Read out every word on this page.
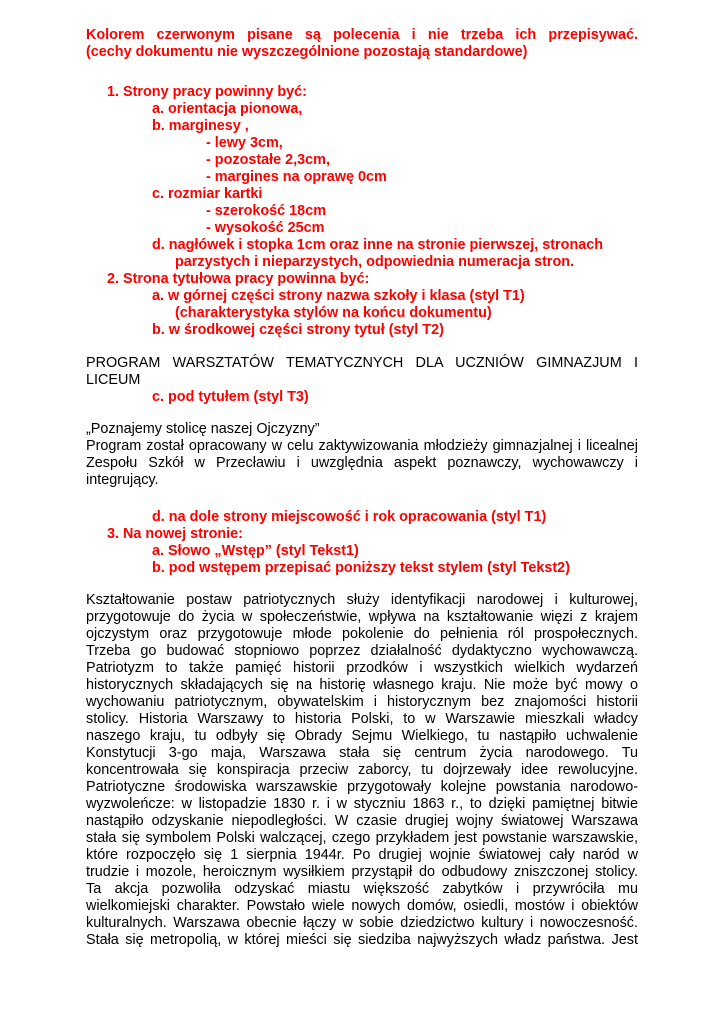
Kolorem czerwonym pisane są polecenia i nie trzeba ich przepisywać.
(cechy dokumentu nie wyszczególnione pozostają standardowe)
1. Strony pracy powinny być:
a. orientacja pionowa,
b. marginesy ,
- lewy 3cm,
- pozostałe 2,3cm,
- margines na oprawę 0cm
c. rozmiar kartki
- szerokość 18cm
- wysokość 25cm
d. nagłówek i stopka 1cm oraz inne na stronie pierwszej, stronach
parzystych i nieparzystych, odpowiednia numeracja stron.
2. Strona tytułowa pracy powinna być:
a. w górnej części strony nazwa szkoły i klasa (styl T1)
(charakterystyka stylów na końcu dokumentu)
b. w środkowej części strony tytuł (styl T2)
PROGRAM WARSZTATÓW TEMATYCZNYCH DLA UCZNIÓW GIMNAZJUM I
LICEUM
c. pod tytułem (styl T3)
„Poznajemy stolicę naszej Ojczyzny”
Program został opracowany w celu zaktywizowania młodzieży gimnazjalnej i licealnej
Zespołu Szkół w Przecławiu i uwzględnia aspekt poznawczy, wychowawczy i
integrujący.
d. na dole strony miejscowość i rok opracowania (styl T1)
3. Na nowej stronie:
a. Słowo „Wstęp” (styl Tekst1)
b. pod wstępem przepisać poniższy tekst stylem (styl Tekst2)
Kształtowanie postaw patriotycznych służy identyfikacji narodowej i kulturowej,
przygotowuje do życia w społeczeństwie, wpływa na kształtowanie więzi z krajem
ojczystym oraz przygotowuje młode pokolenie do pełnienia ról prospołecznych.
Trzeba go budować stopniowo poprzez działalność dydaktyczno wychowawczą.
Patriotyzm to także pamięć historii przodków i wszystkich wielkich wydarzeń
historycznych składających się na historię własnego kraju. Nie może być mowy o
wychowaniu patriotycznym, obywatelskim i historycznym bez znajomości historii
stolicy. Historia Warszawy to historia Polski, to w Warszawie mieszkali władcy
naszego kraju, tu odbyły się Obrady Sejmu Wielkiego, tu nastąpiło uchwalenie
Konstytucji 3-go maja, Warszawa stała się centrum życia narodowego. Tu
koncentrowała się konspiracja przeciw zaborcy, tu dojrzewały idee rewolucyjne.
Patriotyczne środowiska warszawskie przygotowały kolejne powstania narodowo-
wyzwoleńcze: w listopadzie 1830 r. i w styczniu 1863 r., to dzięki pamiętnej bitwie
nastąpiło odzyskanie niepodległości. W czasie drugiej wojny światowej Warszawa
stała się symbolem Polski walczącej, czego przykładem jest powstanie warszawskie,
które rozpoczęło się 1 sierpnia 1944r. Po drugiej wojnie światowej cały naród w
trudzie i mozole, heroicznym wysiłkiem przystąpił do odbudowy zniszczonej stolicy.
Ta akcja pozwoliła odzyskać miastu większość zabytków i przywróciła mu
wielkomiejski charakter. Powstało wiele nowych domów, osiedli, mostów i obiektów
kulturalnych. Warszawa obecnie łączy w sobie dziedzictwo kultury i nowoczesność.
Stała się metropolią, w której mieści się siedziba najwyższych władz państwa. Jest
